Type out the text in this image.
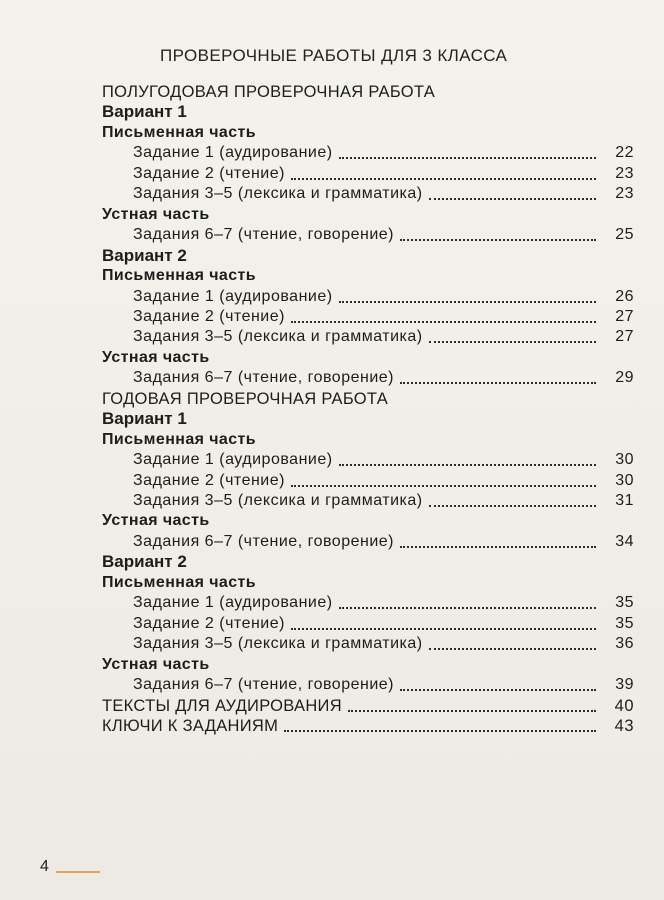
ПРОВЕРОЧНЫЕ РАБОТЫ ДЛЯ 3 КЛАССА
ПОЛУГОДОВАЯ ПРОВЕРОЧНАЯ РАБОТА
Вариант 1
Письменная часть
Задание 1 (аудирование)	22
Задание 2 (чтение)	23
Задания 3–5 (лексика и грамматика)	23
Устная часть
Задания 6–7 (чтение, говорение)	25
Вариант 2
Письменная часть
Задание 1 (аудирование)	26
Задание 2 (чтение)	27
Задания 3–5 (лексика и грамматика)	27
Устная часть
Задания 6–7 (чтение, говорение)	29
ГОДОВАЯ ПРОВЕРОЧНАЯ РАБОТА
Вариант 1
Письменная часть
Задание 1 (аудирование)	30
Задание 2 (чтение)	30
Задания 3–5 (лексика и грамматика)	31
Устная часть
Задания 6–7 (чтение, говорение)	34
Вариант 2
Письменная часть
Задание 1 (аудирование)	35
Задание 2 (чтение)	35
Задания 3–5 (лексика и грамматика)	36
Устная часть
Задания 6–7 (чтение, говорение)	39
ТЕКСТЫ ДЛЯ АУДИРОВАНИЯ	40
КЛЮЧИ К ЗАДАНИЯМ	43
4
